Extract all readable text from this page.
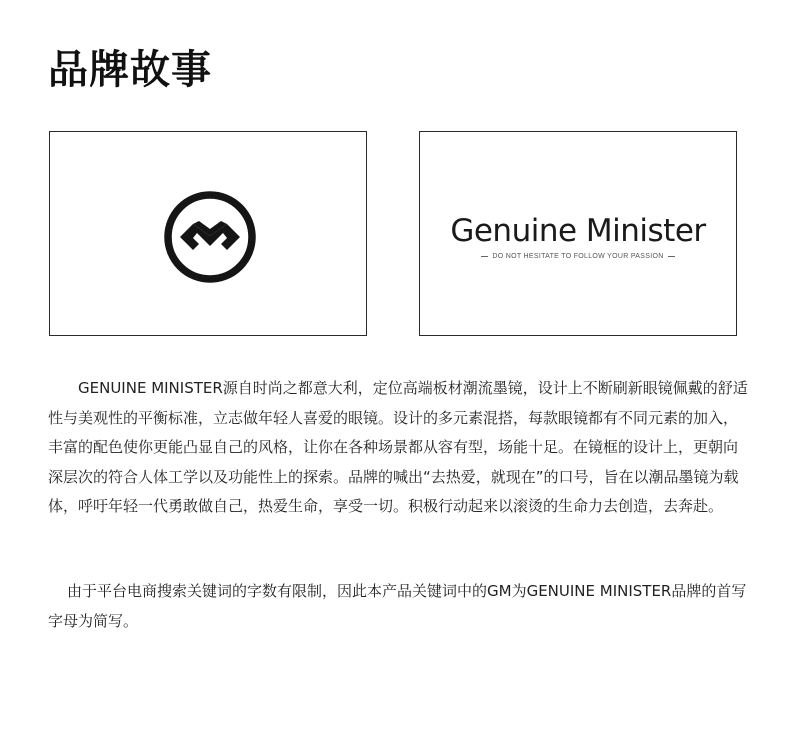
品牌故事
Genuine Minister
DO NOT HESITATE TO FOLLOW YOUR PASSION

GENUINE MINISTER源自时尚之都意大利，定位高端板材潮流墨镜，设计上不断刷新眼镜佩戴的舒适性与美观性的平衡标准，立志做年轻人喜爱的眼镜。设计的多元素混搭，每款眼镜都有不同元素的加入，丰富的配色使你更能凸显自己的风格，让你在各种场景都从容有型，场能十足。在镜框的设计上，更朝向深层次的符合人体工学以及功能性上的探索。品牌的喊出“去热爱，就现在”的口号，旨在以潮品墨镜为载体，呼吁年轻一代勇敢做自己，热爱生命，享受一切。积极行动起来以滚烫的生命力去创造，去奔赴。

由于平台电商搜索关键词的字数有限制，因此本产品关键词中的GM为GENUINE MINISTER品牌的首写字母为简写。
